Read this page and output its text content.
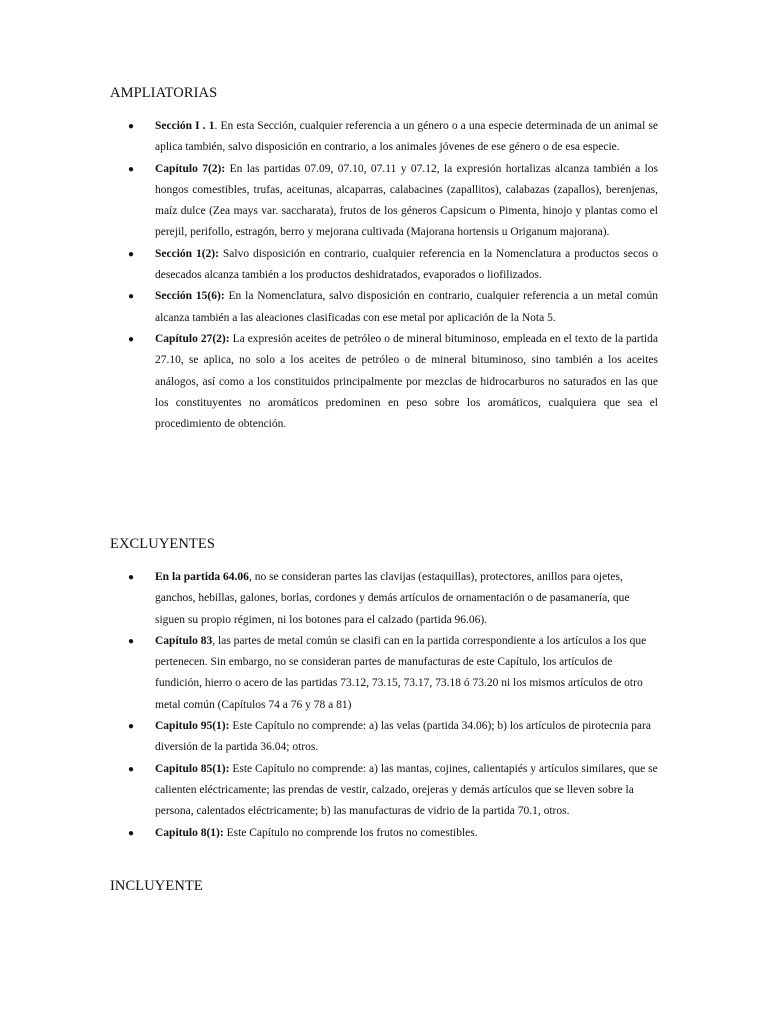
AMPLIATORIAS
● Sección I . 1. En esta Sección, cualquier referencia a un género o a una especie determinada de un animal se aplica también, salvo disposición en contrario, a los animales jóvenes de ese género o de esa especie.
● Capítulo 7(2): En las partidas 07.09, 07.10, 07.11 y 07.12, la expresión hortalizas alcanza también a los hongos comestibles, trufas, aceitunas, alcaparras, calabacines (zapallitos), calabazas (zapallos), berenjenas, maíz dulce (Zea mays var. saccharata), frutos de los géneros Capsicum o Pimenta, hinojo y plantas como el perejil, perifollo, estragón, berro y mejorana cultivada (Majorana hortensis u Origanum majorana).
● Sección 1(2): Salvo disposición en contrario, cualquier referencia en la Nomenclatura a productos secos o desecados alcanza también a los productos deshidratados, evaporados o liofilizados.
● Sección 15(6): En la Nomenclatura, salvo disposición en contrario, cualquier referencia a un metal común alcanza también a las aleaciones clasificadas con ese metal por aplicación de la Nota 5.
● Capítulo 27(2): La expresión aceites de petróleo o de mineral bituminoso, empleada en el texto de la partida 27.10, se aplica, no solo a los aceites de petróleo o de mineral bituminoso, sino también a los aceites análogos, así como a los constituidos principalmente por mezclas de hidrocarburos no saturados en las que los constituyentes no aromáticos predominen en peso sobre los aromáticos, cualquiera que sea el procedimiento de obtención.
EXCLUYENTES
● En la partida 64.06, no se consideran partes las clavijas (estaquillas), protectores, anillos para ojetes, ganchos, hebillas, galones, borlas, cordones y demás artículos de ornamentación o de pasamanería, que siguen su propio régimen, ni los botones para el calzado (partida 96.06).
● Capítulo 83, las partes de metal común se clasifi can en la partida correspondiente a los artículos a los que pertenecen. Sin embargo, no se consideran partes de manufacturas de este Capítulo, los artículos de fundición, hierro o acero de las partidas 73.12, 73.15, 73.17, 73.18 ó 73.20 ni los mismos artículos de otro metal común (Capítulos 74 a 76 y 78 a 81)
● Capitulo 95(1): Este Capítulo no comprende: a) las velas (partida 34.06); b) los artículos de pirotecnia para diversión de la partida 36.04; otros.
● Capitulo 85(1): Este Capítulo no comprende: a) las mantas, cojines, calientapiés y artículos similares, que se calienten eléctricamente; las prendas de vestir, calzado, orejeras y demás artículos que se lleven sobre la persona, calentados eléctricamente; b) las manufacturas de vidrio de la partida 70.1, otros.
● Capitulo 8(1): Este Capítulo no comprende los frutos no comestibles.
INCLUYENTE
